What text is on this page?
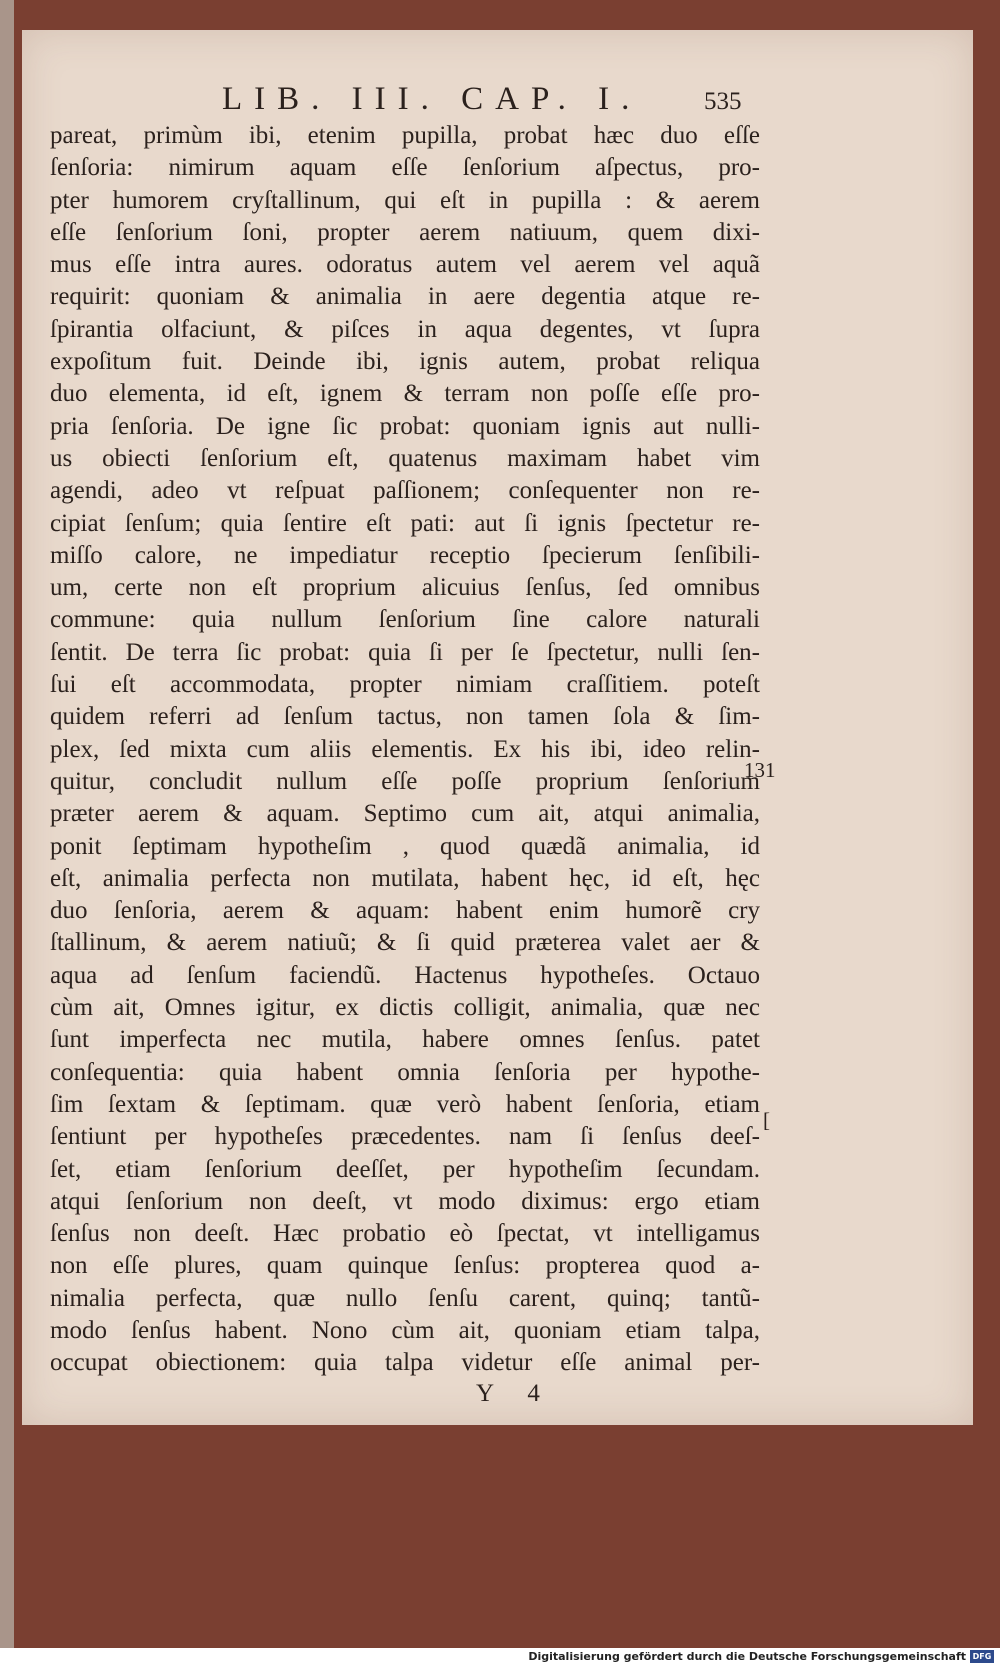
LIB. III. CAP. I.	535
pareat, primùm ibi, etenim pupilla, probat hæc duo eſſe
ſenſoria: nimirum aquam eſſe ſenſorium aſpectus, pro-
pter humorem cryſtallinum, qui eſt in pupilla : & aerem
eſſe ſenſorium ſoni, propter aerem natiuum, quem dixi-
mus eſſe intra aures. odoratus autem vel aerem vel aquã
requirit: quoniam & animalia in aere degentia atque re-
ſpirantia olfaciunt, & piſces in aqua degentes, vt ſupra
expoſitum fuit. Deinde ibi, ignis autem, probat reliqua
duo elementa, id eſt, ignem & terram non poſſe eſſe pro-
pria ſenſoria. De igne ſic probat: quoniam ignis aut nulli-
us obiecti ſenſorium eſt, quatenus maximam habet vim
agendi, adeo vt reſpuat paſſionem; conſequenter non re-
cipiat ſenſum; quia ſentire eſt pati: aut ſi ignis ſpectetur re-
miſſo calore, ne impediatur receptio ſpecierum ſenſibili-
um, certe non eſt proprium alicuius ſenſus, ſed omnibus
commune: quia nullum ſenſorium ſine calore naturali
ſentit. De terra ſic probat: quia ſi per ſe ſpectetur, nulli ſen-
ſui eſt accommodata, propter nimiam craſſitiem. poteſt
quidem referri ad ſenſum tactus, non tamen ſola & ſim-
plex, ſed mixta cum aliis elementis. Ex his ibi, ideo relin-
quitur, concludit nullum eſſe poſſe proprium ſenſorium
præter aerem & aquam. Septimo cum ait, atqui animalia,
ponit ſeptimam hypotheſim , quod quædã animalia, id
eſt, animalia perfecta non mutilata, habent hęc, id eſt, hęc
duo ſenſoria, aerem & aquam: habent enim humorẽ cry
ſtallinum, & aerem natiuũ; & ſi quid præterea valet aer &
aqua ad ſenſum faciendũ. Hactenus hypotheſes. Octauo
cùm ait, Omnes igitur, ex dictis colligit, animalia, quæ nec
ſunt imperfecta nec mutila, habere omnes ſenſus. patet
conſequentia: quia habent omnia ſenſoria per hypothe-
ſim ſextam & ſeptimam. quæ verò habent ſenſoria, etiam
ſentiunt per hypotheſes præcedentes. nam ſi ſenſus deeſ-
ſet, etiam ſenſorium deeſſet, per hypotheſim ſecundam.
atqui ſenſorium non deeſt, vt modo diximus: ergo etiam
ſenſus non deeſt. Hæc probatio eò ſpectat, vt intelligamus
non eſſe plures, quam quinque ſenſus: propterea quod a-
nimalia perfecta, quæ nullo ſenſu carent, quinq; tantũ-
modo ſenſus habent. Nono cùm ait, quoniam etiam talpa,
occupat obiectionem: quia talpa videtur eſſe animal per-
131
[
Y 4
Digitalisierung gefördert durch die Deutsche Forschungsgemeinschaft DFG
